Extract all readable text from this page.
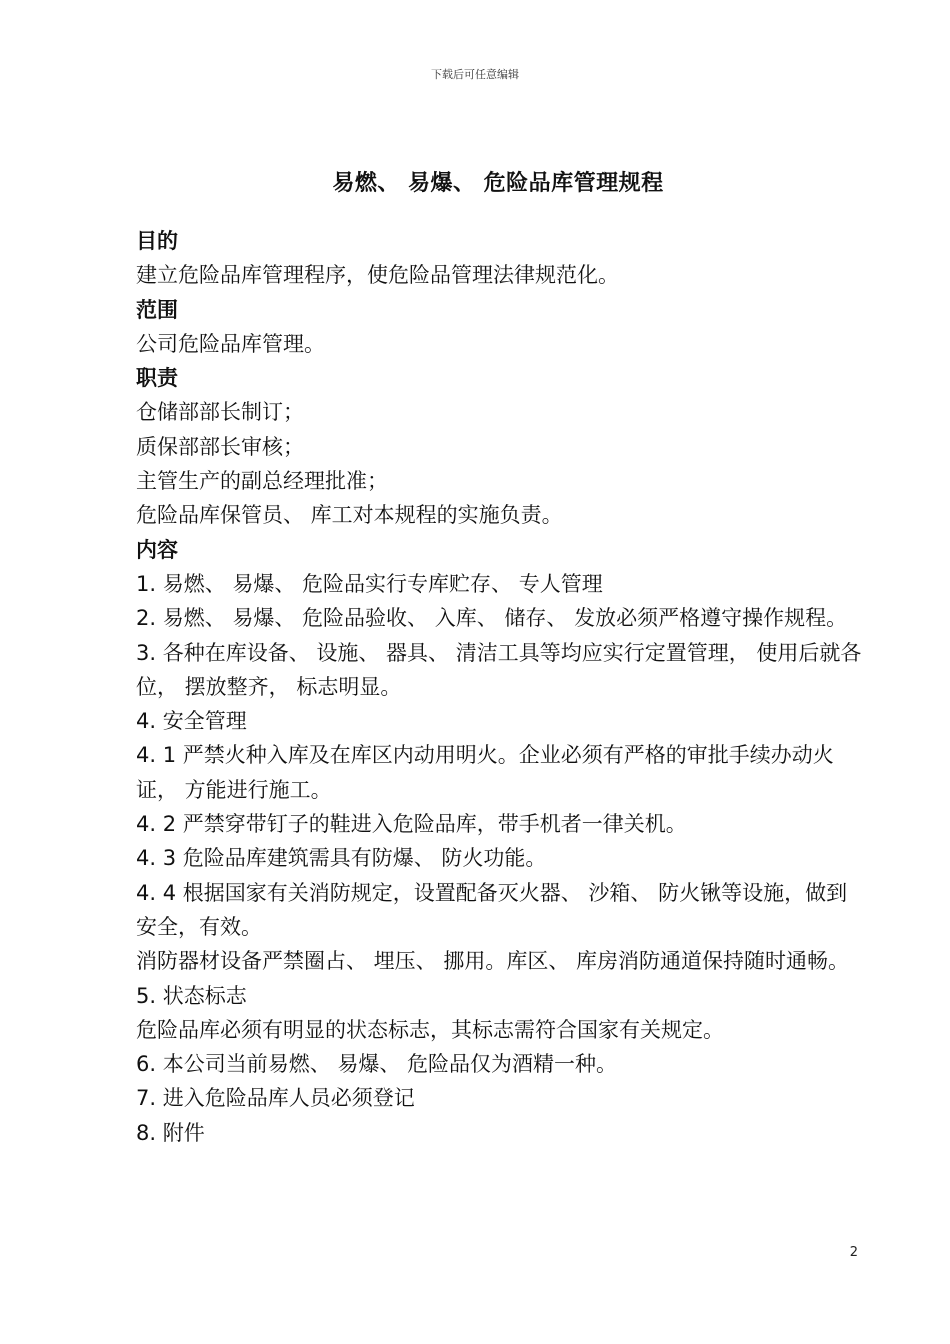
下载后可任意编辑
易燃、 易爆、 危险品库管理规程
目的
建立危险品库管理程序，使危险品管理法律规范化。
范围
公司危险品库管理。
职责
仓储部部长制订；
质保部部长审核；
主管生产的副总经理批准；
危险品库保管员、 库工对本规程的实施负责。
内容
1. 易燃、 易爆、 危险品实行专库贮存、 专人管理
2. 易燃、 易爆、 危险品验收、 入库、 储存、 发放必须严格遵守操作规程。
3. 各种在库设备、 设施、 器具、 清洁工具等均应实行定置管理， 使用后就各位， 摆放整齐， 标志明显。
4. 安全管理
4. 1 严禁火种入库及在库区内动用明火。企业必须有严格的审批手续办动火证， 方能进行施工。
4. 2 严禁穿带钉子的鞋进入危险品库，带手机者一律关机。
4. 3 危险品库建筑需具有防爆、 防火功能。
4. 4 根据国家有关消防规定，设置配备灭火器、 沙箱、 防火锹等设施，做到安全，有效。
消防器材设备严禁圈占、 埋压、 挪用。库区、 库房消防通道保持随时通畅。
5. 状态标志
危险品库必须有明显的状态标志，其标志需符合国家有关规定。
6. 本公司当前易燃、 易爆、 危险品仅为酒精一种。
7. 进入危险品库人员必须登记
8. 附件
2
